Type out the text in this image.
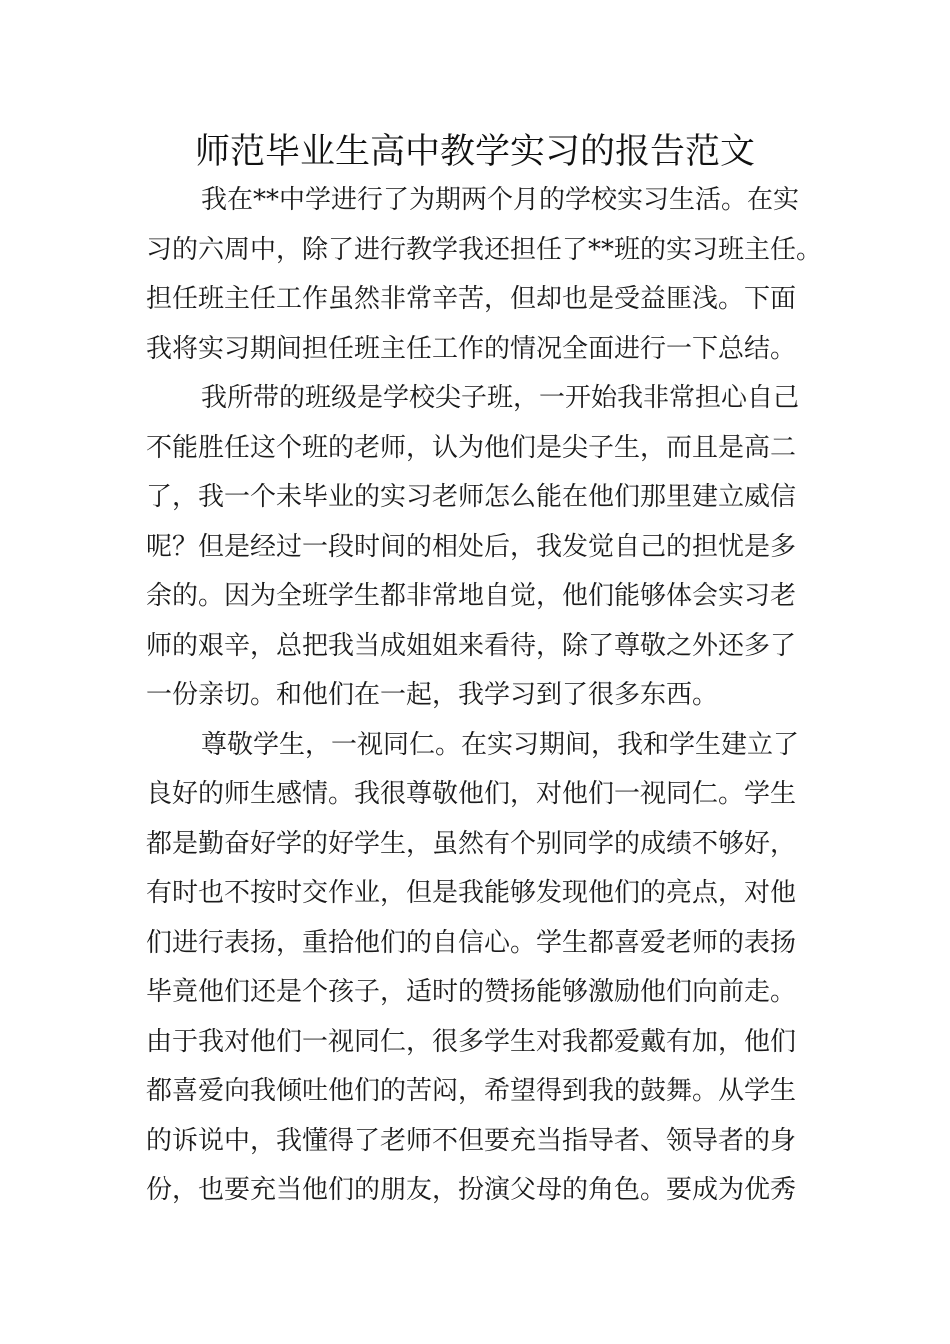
师范毕业生高中教学实习的报告范文
我在**中学进行了为期两个月的学校实习生活。在实
习的六周中，除了进行教学我还担任了**班的实习班主任。
担任班主任工作虽然非常辛苦，但却也是受益匪浅。下面
我将实习期间担任班主任工作的情况全面进行一下总结。
我所带的班级是学校尖子班，一开始我非常担心自己
不能胜任这个班的老师，认为他们是尖子生，而且是高二
了，我一个未毕业的实习老师怎么能在他们那里建立威信
呢？但是经过一段时间的相处后，我发觉自己的担忧是多
余的。因为全班学生都非常地自觉，他们能够体会实习老
师的艰辛，总把我当成姐姐来看待，除了尊敬之外还多了
一份亲切。和他们在一起，我学习到了很多东西。
尊敬学生，一视同仁。在实习期间，我和学生建立了
良好的师生感情。我很尊敬他们，对他们一视同仁。学生
都是勤奋好学的好学生，虽然有个别同学的成绩不够好，
有时也不按时交作业，但是我能够发现他们的亮点，对他
们进行表扬，重拾他们的自信心。学生都喜爱老师的表扬
毕竟他们还是个孩子，适时的赞扬能够激励他们向前走。
由于我对他们一视同仁，很多学生对我都爱戴有加，他们
都喜爱向我倾吐他们的苦闷，希望得到我的鼓舞。从学生
的诉说中，我懂得了老师不但要充当指导者、领导者的身
份，也要充当他们的朋友，扮演父母的角色。要成为优秀
